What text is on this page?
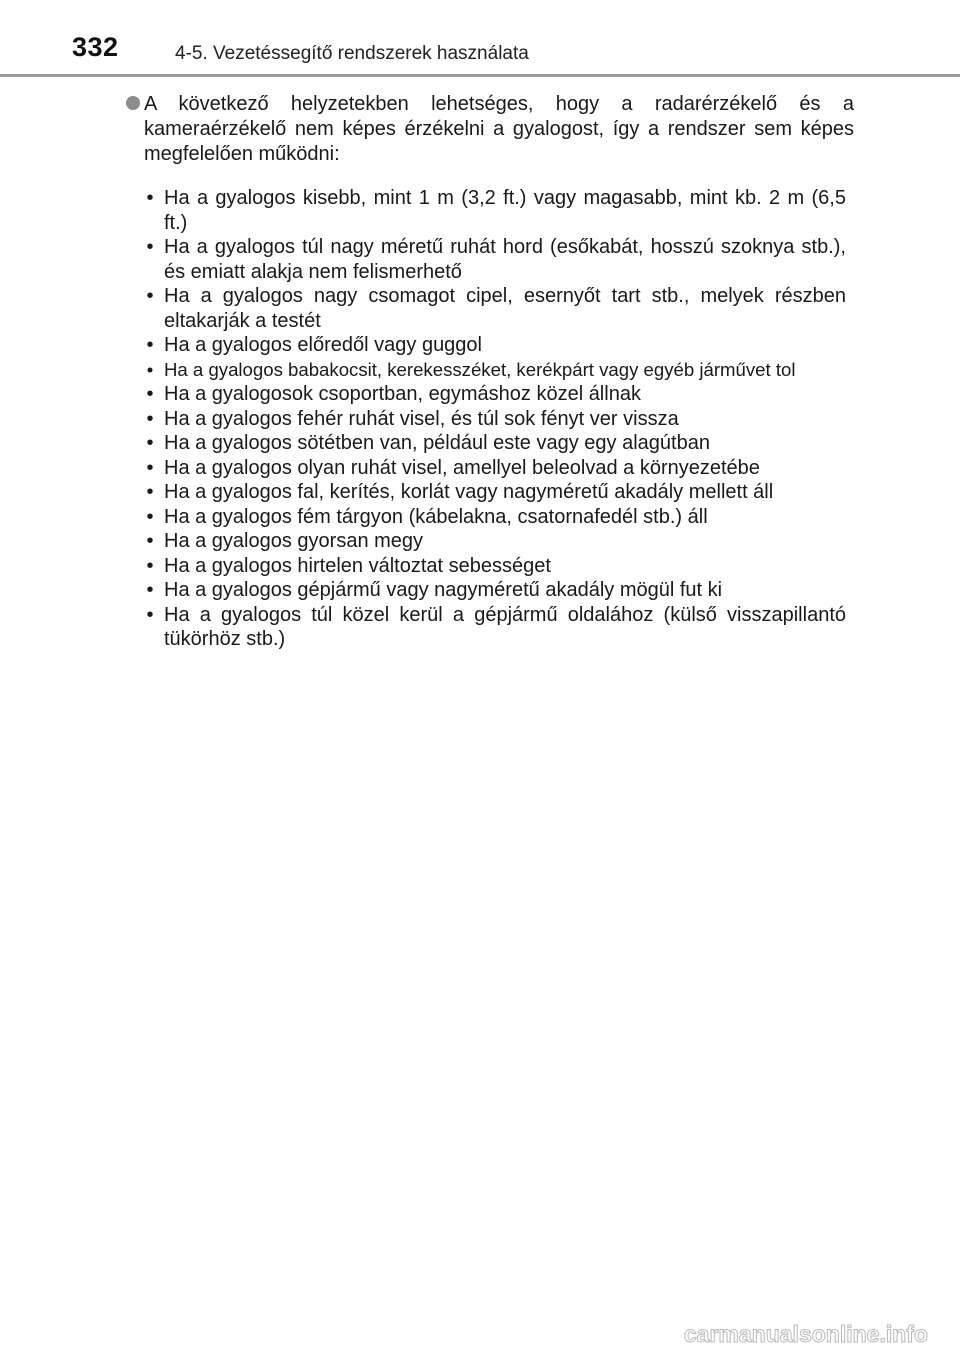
332	4-5. Vezetéssegítő rendszerek használata
A következő helyzetekben lehetséges, hogy a radarérzékelő és a kameraérzékelő nem képes érzékelni a gyalogost, így a rendszer sem képes megfelelően működni:
• Ha a gyalogos kisebb, mint 1 m (3,2 ft.) vagy magasabb, mint kb. 2 m (6,5 ft.)
• Ha a gyalogos túl nagy méretű ruhát hord (esőkabát, hosszú szoknya stb.), és emiatt alakja nem felismerhető
• Ha a gyalogos nagy csomagot cipel, esernyőt tart stb., melyek részben eltakarják a testét
• Ha a gyalogos előredől vagy guggol
• Ha a gyalogos babakocsit, kerekesszéket, kerékpárt vagy egyéb járművet tol
• Ha a gyalogosok csoportban, egymáshoz közel állnak
• Ha a gyalogos fehér ruhát visel, és túl sok fényt ver vissza
• Ha a gyalogos sötétben van, például este vagy egy alagútban
• Ha a gyalogos olyan ruhát visel, amellyel beleolvad a környezetébe
• Ha a gyalogos fal, kerítés, korlát vagy nagyméretű akadály mellett áll
• Ha a gyalogos fém tárgyon (kábelakna, csatornafedél stb.) áll
• Ha a gyalogos gyorsan megy
• Ha a gyalogos hirtelen változtat sebességet
• Ha a gyalogos gépjármű vagy nagyméretű akadály mögül fut ki
• Ha a gyalogos túl közel kerül a gépjármű oldalához (külső visszapillantó tükörhöz stb.)
carmanualsonline.info
